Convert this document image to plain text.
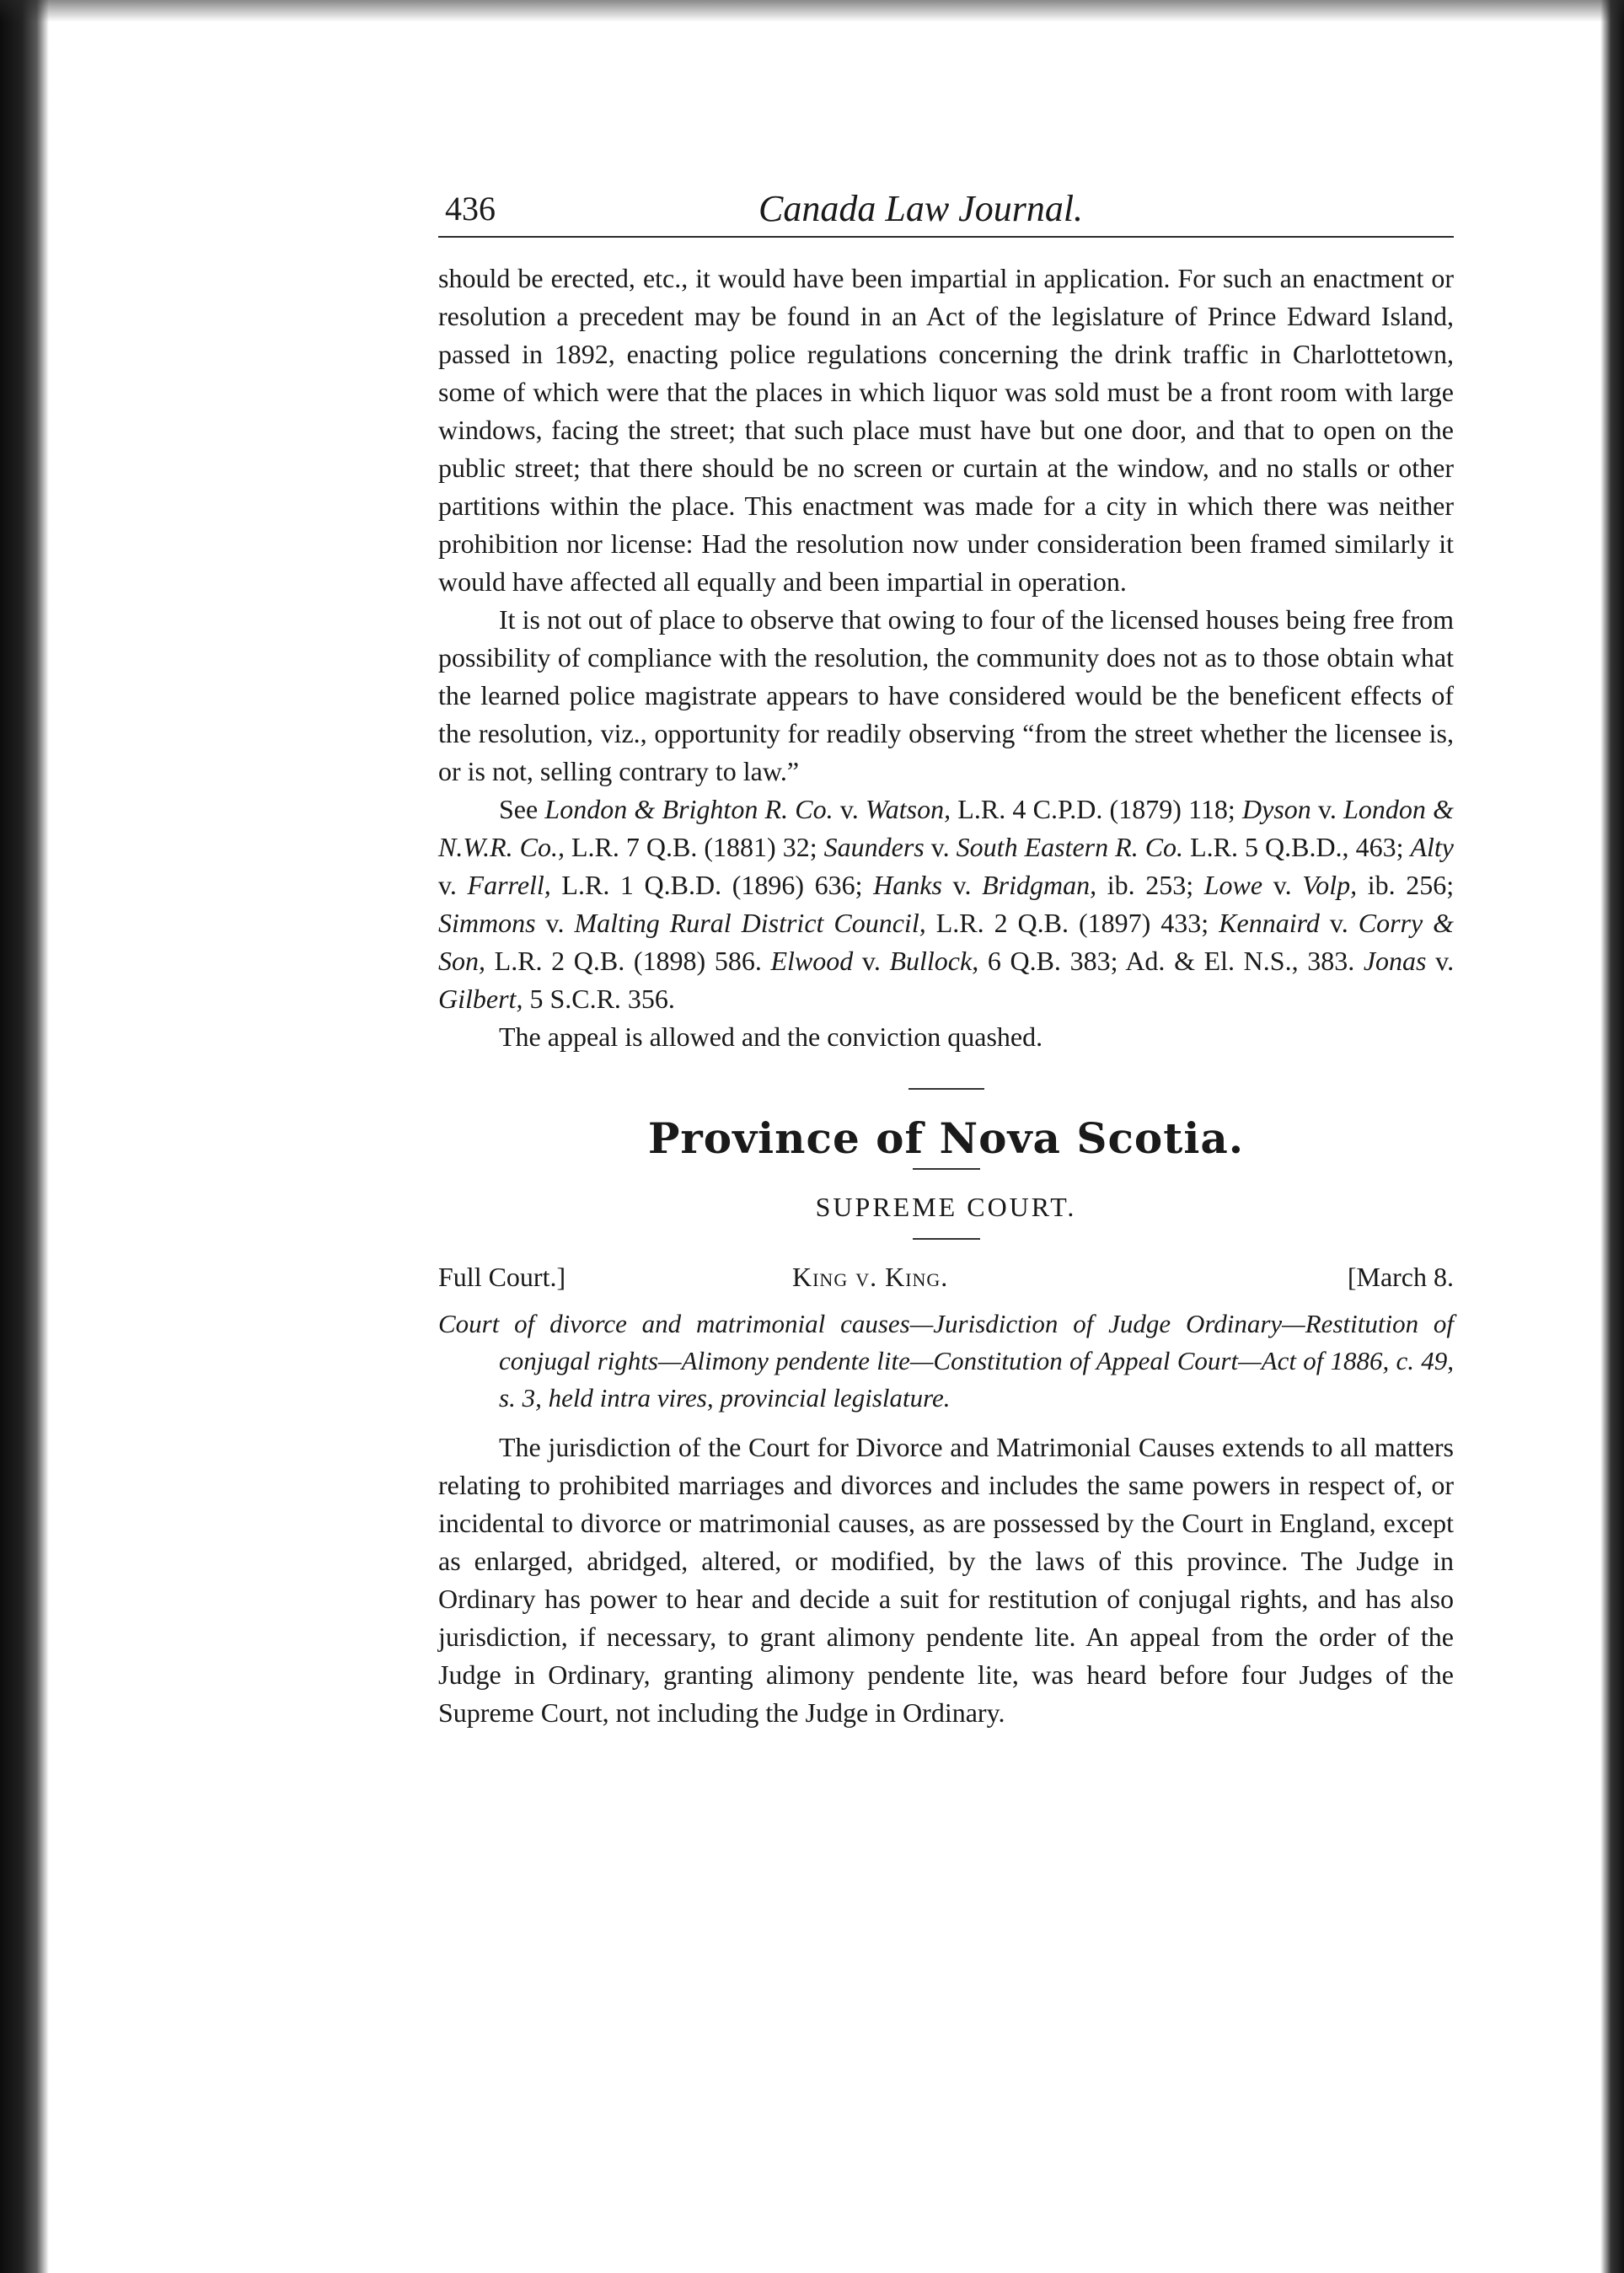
436	Canada Law Journal.

should be erected, etc., it would have been impartial in application. For such an enactment or resolution a precedent may be found in an Act of the legislature of Prince Edward Island, passed in 1892, enacting police regulations concerning the drink traffic in Charlottetown, some of which were that the places in which liquor was sold must be a front room with large windows, facing the street; that such place must have but one door, and that to open on the public street; that there should be no screen or curtain at the window, and no stalls or other partitions within the place. This enactment was made for a city in which there was neither prohibition nor license: Had the resolution now under consideration been framed similarly it would have affected all equally and been impartial in operation.

It is not out of place to observe that owing to four of the licensed houses being free from possibility of compliance with the resolution, the community does not as to those obtain what the learned police magistrate appears to have considered would be the beneficent effects of the resolution, viz., opportunity for readily observing “from the street whether the licensee is, or is not, selling contrary to law.”

See London & Brighton R. Co. v. Watson, L.R. 4 C.P.D. (1879) 118; Dyson v. London & N.W.R. Co., L.R. 7 Q.B. (1881) 32; Saunders v. South Eastern R. Co. L.R. 5 Q.B.D., 463; Alty v. Farrell, L.R. 1 Q.B.D. (1896) 636; Hanks v. Bridgman, ib. 253; Lowe v. Volp, ib. 256; Simmons v. Malting Rural District Council, L.R. 2 Q.B. (1897) 433; Kennaird v. Corry & Son, L.R. 2 Q.B. (1898) 586. Elwood v. Bullock, 6 Q.B. 383; Ad. & El. N.S., 383. Jonas v. Gilbert, 5 S.C.R. 356.

The appeal is allowed and the conviction quashed.

Province of Nova Scotia.
SUPREME COURT.
Full Court.]	King v. King.	[March 8.
Court of divorce and matrimonial causes—Jurisdiction of Judge Ordinary—Restitution of conjugal rights—Alimony pendente lite—Constitution of Appeal Court—Act of 1886, c. 49, s. 3, held intra vires, provincial legislature.
The jurisdiction of the Court for Divorce and Matrimonial Causes extends to all matters relating to prohibited marriages and divorces and includes the same powers in respect of, or incidental to divorce or matrimonial causes, as are possessed by the Court in England, except as enlarged, abridged, altered, or modified, by the laws of this province. The Judge in Ordinary has power to hear and decide a suit for restitution of conjugal rights, and has also jurisdiction, if necessary, to grant alimony pendente lite. An appeal from the order of the Judge in Ordinary, granting alimony pendente lite, was heard before four Judges of the Supreme Court, not including the Judge in Ordinary.
